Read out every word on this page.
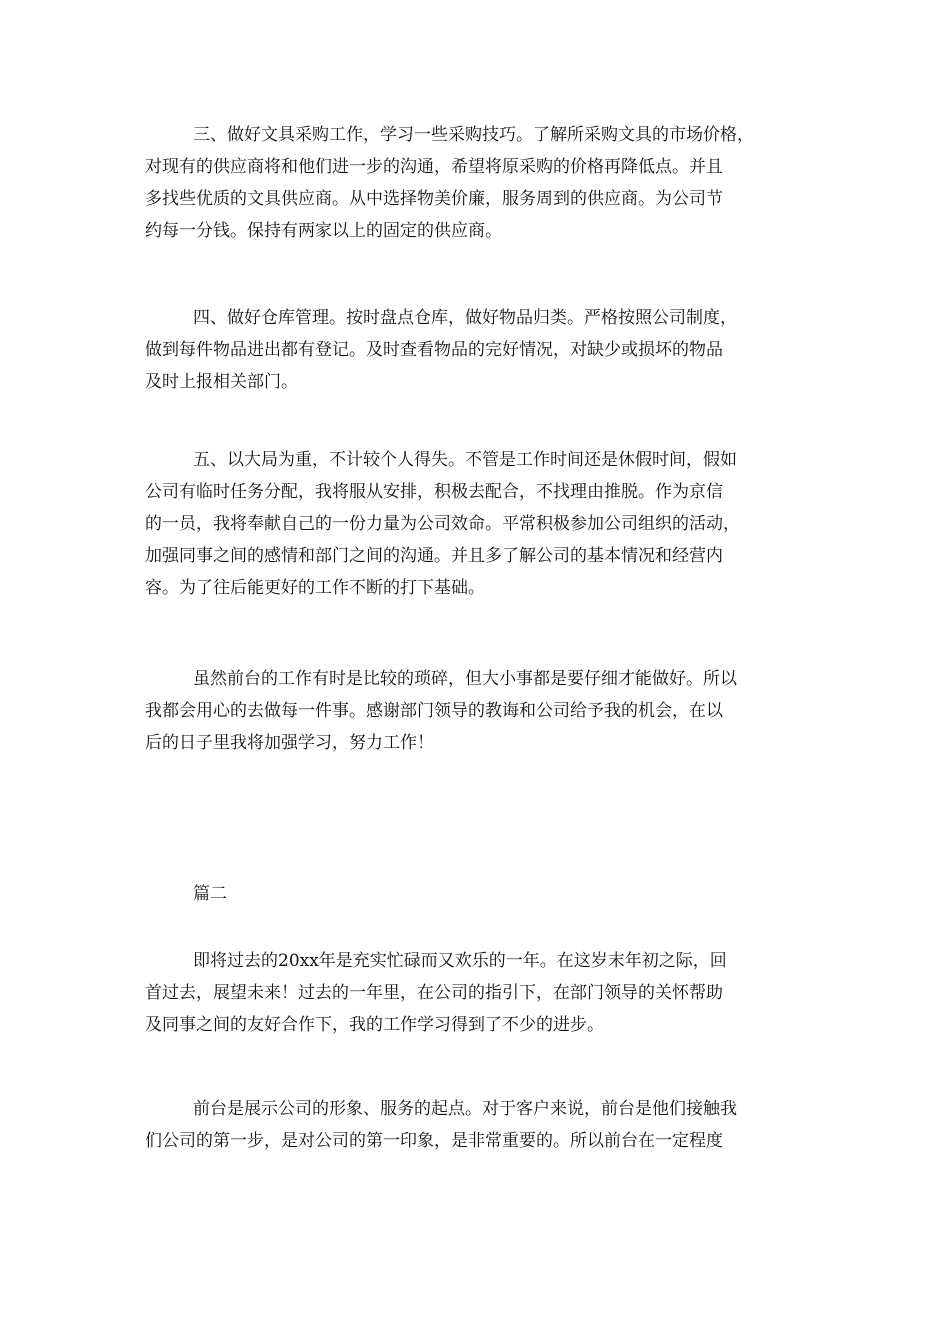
三、做好文具采购工作，学习一些采购技巧。了解所采购文具的市场价格，
对现有的供应商将和他们进一步的沟通，希望将原采购的价格再降低点。并且
多找些优质的文具供应商。从中选择物美价廉，服务周到的供应商。为公司节
约每一分钱。保持有两家以上的固定的供应商。
四、做好仓库管理。按时盘点仓库，做好物品归类。严格按照公司制度，
做到每件物品进出都有登记。及时查看物品的完好情况，对缺少或损坏的物品
及时上报相关部门。
五、以大局为重，不计较个人得失。不管是工作时间还是休假时间，假如
公司有临时任务分配，我将服从安排，积极去配合，不找理由推脱。作为京信
的一员，我将奉献自己的一份力量为公司效命。平常积极参加公司组织的活动，
加强同事之间的感情和部门之间的沟通。并且多了解公司的基本情况和经营内
容。为了往后能更好的工作不断的打下基础。
虽然前台的工作有时是比较的琐碎，但大小事都是要仔细才能做好。所以
我都会用心的去做每一件事。感谢部门领导的教诲和公司给予我的机会，在以
后的日子里我将加强学习，努力工作！
篇二
即将过去的20xx年是充实忙碌而又欢乐的一年。在这岁末年初之际，回
首过去，展望未来！过去的一年里，在公司的指引下，在部门领导的关怀帮助
及同事之间的友好合作下，我的工作学习得到了不少的进步。
前台是展示公司的形象、服务的起点。对于客户来说，前台是他们接触我
们公司的第一步，是对公司的第一印象，是非常重要的。所以前台在一定程度
